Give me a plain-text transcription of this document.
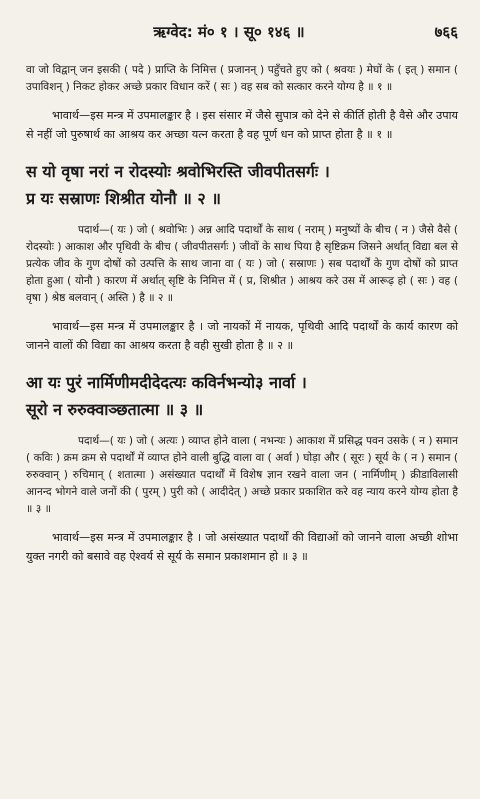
ऋग्वेद: मं० १ । सू० १४६ ॥	७६६

वा जो विद्वान् जन इसकी ( पदे ) प्राप्ति के निमित्त ( प्रजानन् ) पहुँचते हुए को ( श्रवयः ) मेघों के ( इत् ) समान ( उपाविशन् ) निकट होकर अच्छे प्रकार विधान करें ( सः ) वह सब को सत्कार करने योग्य है ॥ १ ॥

भावार्थ—इस मन्त्र में उपमालङ्कार है । इस संसार में जैसे सुपात्र को देने से कीर्ति होती है वैसे और उपाय से नहीं जो पुरुषार्थ का आश्रय कर अच्छा यत्न करता है वह पूर्ण धन को प्राप्त होता है ॥ १ ॥

स यो वृषा नरां न रोदस्योः श्रवोभिरस्ति जीवपीतसर्गः ।
प्र यः सस्राणः शिश्रीत योनौ ॥ २ ॥

पदार्थ—( यः ) जो ( श्रवोभिः ) अन्न आदि पदार्थों के साथ ( नराम् ) मनुष्यों के बीच ( न ) जैसे वैसे ( रोदस्योः ) आकाश और पृथिवी के बीच ( जीवपीतसर्गः ) जीवों के साथ पिया है सृष्टिक्रम जिसने अर्थात् विद्या बल से प्रत्येक जीव के गुण दोषों को उत्पत्ति के साथ जाना वा ( यः ) जो ( सस्राणः ) सब पदार्थों के गुण दोषों को प्राप्त होता हुआ ( योनौ ) कारण में अर्थात् सृष्टि के निमित्त में ( प्र, शिश्रीत ) आश्रय करे उस में आरूढ़ हो ( सः ) वह ( वृषा ) श्रेष्ठ बलवान् ( अस्ति ) है ॥ २ ॥

भावार्थ—इस मन्त्र में उपमालङ्कार है । जो नायकों में नायक, पृथिवी आदि पदार्थों के कार्य कारण को जानने वालों की विद्या का आश्रय करता है वही सुखी होता है ॥ २ ॥

आ यः पुरं नार्मिणीमदीदेदत्यः कविर्नभन्यो३ नार्वा ।
सूरो न रुरुक्वाञ्छतात्मा ॥ ३ ॥

पदार्थ—( यः ) जो ( अत्यः ) व्याप्त होने वाला ( नभन्यः ) आकाश में प्रसिद्ध पवन उसके ( न ) समान ( कविः ) क्रम क्रम से पदार्थों में व्याप्त होने वाली बुद्धि वाला वा ( अर्वा ) घोड़ा और ( सूरः ) सूर्य के ( न ) समान ( रुरुक्वान् ) रुचिमान् ( शतात्मा ) असंख्यात पदार्थों में विशेष ज्ञान रखने वाला जन ( नार्मिणीम् ) क्रीडाविलासी आनन्द भोगने वाले जनों की ( पुरम् ) पुरी को ( आदीदेत् ) अच्छे प्रकार प्रकाशित करे वह न्याय करने योग्य होता है ॥ ३ ॥

भावार्थ—इस मन्त्र में उपमालङ्कार है । जो असंख्यात पदार्थों की विद्याओं को जानने वाला अच्छी शोभा युक्त नगरी को बसावे वह ऐश्वर्य से सूर्य के समान प्रकाशमान हो ॥ ३ ॥
